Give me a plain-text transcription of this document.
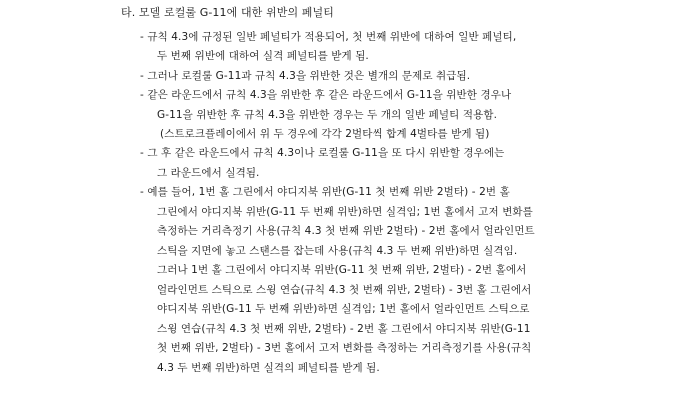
타. 모델 로컬룰 G-11에 대한 위반의 페널티
- 규칙 4.3에 규정된 일반 페널티가 적용되어, 첫 번째 위반에 대하여 일반 페널티,
두 번째 위반에 대하여 실격 페널티를 받게 됨.
- 그러나 로컬룰 G-11과 규칙 4.3을 위반한 것은 별개의 문제로 취급됨.
- 같은 라운드에서 규칙 4.3을 위반한 후 같은 라운드에서 G-11을 위반한 경우나
G-11을 위반한 후 규칙 4.3을 위반한 경우는 두 개의 일반 페널티 적용함.
(스트로크플레이에서 위 두 경우에 각각 2벌타씩 합계 4벌타를 받게 됨)
- 그 후 같은 라운드에서 규칙 4.3이나 로컬룰 G-11을 또 다시 위반할 경우에는
그 라운드에서 실격됨.
- 예를 들어, 1번 홀 그린에서 야디지북 위반(G-11 첫 번째 위반 2벌타) - 2번 홀
그린에서 야디지북 위반(G-11 두 번째 위반)하면 실격임; 1번 홀에서 고저 변화를
측정하는 거리측정기 사용(규칙 4.3 첫 번째 위반 2벌타) - 2번 홀에서 얼라인먼트
스틱을 지면에 놓고 스탠스를 잡는데 사용(규칙 4.3 두 번째 위반)하면 실격임.
그러나 1번 홀 그린에서 야디지북 위반(G-11 첫 번째 위반, 2벌타) - 2번 홀에서
얼라인먼트 스틱으로 스윙 연습(규칙 4.3 첫 번째 위반, 2벌타) - 3번 홀 그린에서
야디지북 위반(G-11 두 번째 위반)하면 실격임; 1번 홀에서 얼라인먼트 스틱으로
스윙 연습(규칙 4.3 첫 번째 위반, 2벌타) - 2번 홀 그린에서 야디지북 위반(G-11
첫 번째 위반, 2벌타) - 3번 홀에서 고저 변화를 측정하는 거리측정기를 사용(규칙
4.3 두 번째 위반)하면 실격의 페널티를 받게 됨.
